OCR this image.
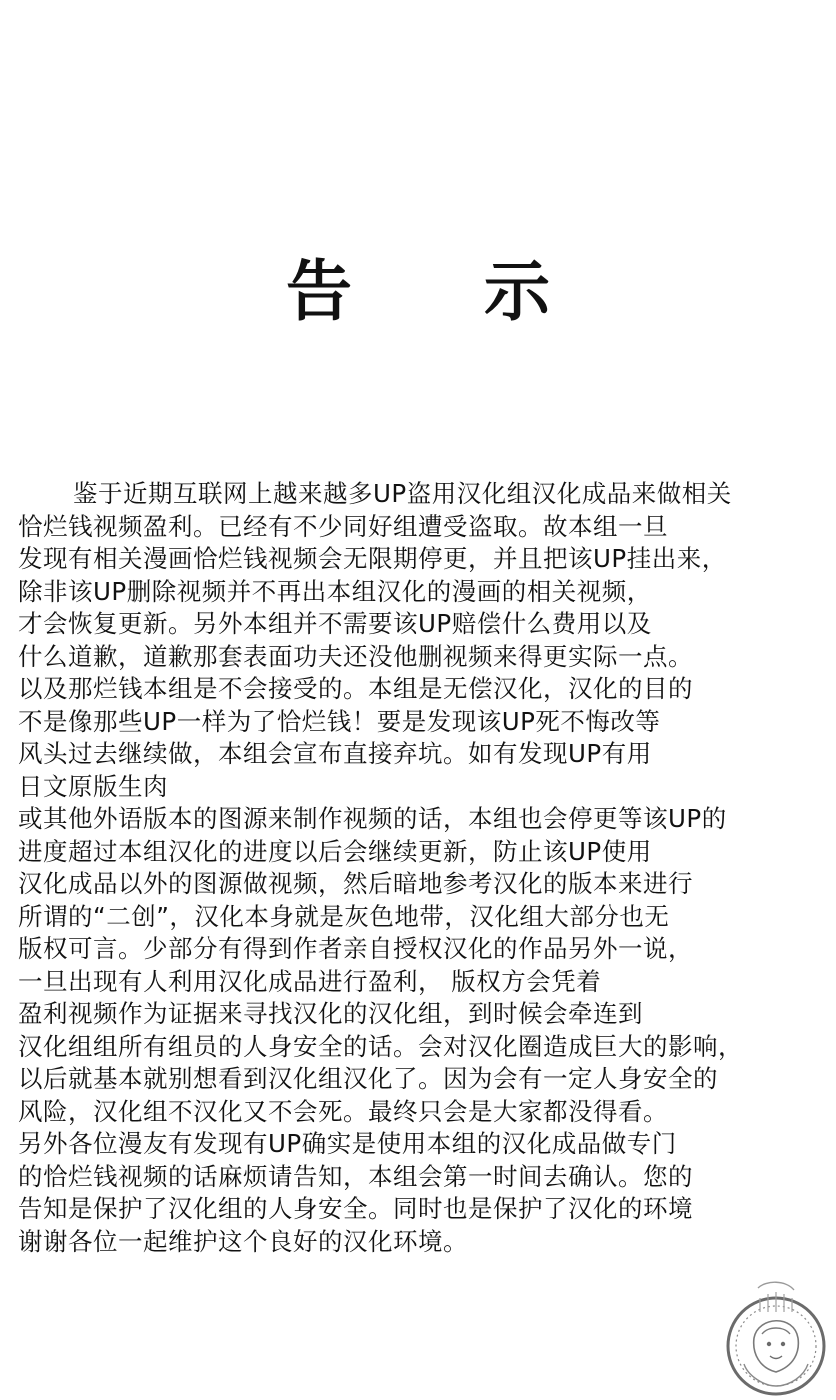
告　　示
鉴于近期互联网上越来越多UP盗用汉化组汉化成品来做相关
恰烂钱视频盈利。已经有不少同好组遭受盗取。故本组一旦
发现有相关漫画恰烂钱视频会无限期停更，并且把该UP挂出来，
除非该UP删除视频并不再出本组汉化的漫画的相关视频，
才会恢复更新。另外本组并不需要该UP赔偿什么费用以及
什么道歉，道歉那套表面功夫还没他删视频来得更实际一点。
以及那烂钱本组是不会接受的。本组是无偿汉化，汉化的目的
不是像那些UP一样为了恰烂钱！要是发现该UP死不悔改等
风头过去继续做，本组会宣布直接弃坑。如有发现UP有用
日文原版生肉
或其他外语版本的图源来制作视频的话，本组也会停更等该UP的
进度超过本组汉化的进度以后会继续更新，防止该UP使用
汉化成品以外的图源做视频，然后暗地参考汉化的版本来进行
所谓的“二创”，汉化本身就是灰色地带，汉化组大部分也无
版权可言。少部分有得到作者亲自授权汉化的作品另外一说，
一旦出现有人利用汉化成品进行盈利， 版权方会凭着
盈利视频作为证据来寻找汉化的汉化组，到时候会牵连到
汉化组组所有组员的人身安全的话。会对汉化圈造成巨大的影响，
以后就基本就别想看到汉化组汉化了。因为会有一定人身安全的
风险，汉化组不汉化又不会死。最终只会是大家都没得看。
另外各位漫友有发现有UP确实是使用本组的汉化成品做专门
的恰烂钱视频的话麻烦请告知，本组会第一时间去确认。您的
告知是保护了汉化组的人身安全。同时也是保护了汉化的环境
谢谢各位一起维护这个良好的汉化环境。
